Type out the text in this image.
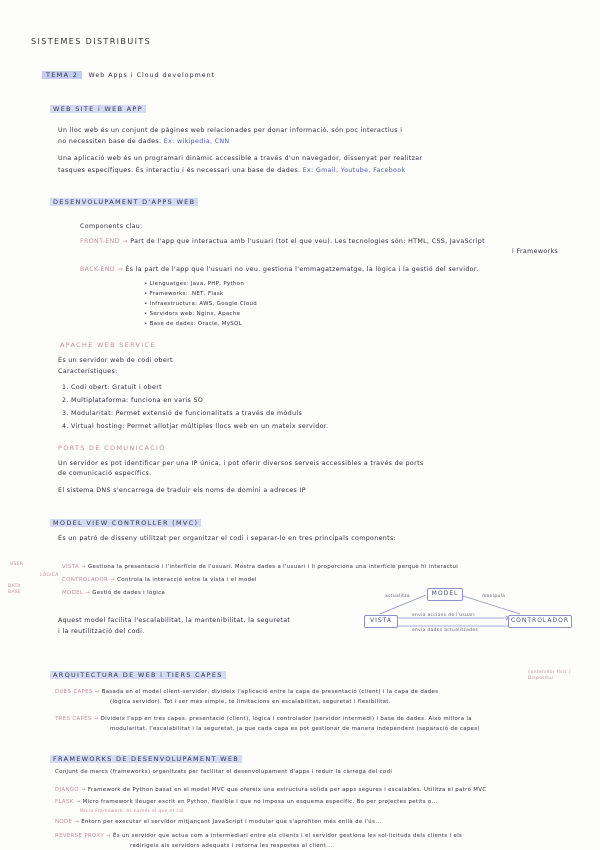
SISTEMES DISTRIBUITS
TEMA 2 Web Apps i Cloud development
WEB SITE i WEB APP
Un lloc web és un conjunt de pàgines web relacionades per donar informació. són poc interactius i
no necessiten base de dades. Ex: wikipedia, CNN
Una aplicació web és un programari dinàmic accessible a través d'un navegador, dissenyat per realitzar
tasques específiques. És interactiu i és necessari una base de dades. Ex: Gmail, Youtube, Facebook
DESENVOLUPAMENT D'APPS WEB
Components clau:
FRONT-END → Part de l'app que interactua amb l'usuari (tot el que veu). Les tecnologies són: HTML, CSS, JavaScript
i Frameworks
BACK-END → És la part de l'app que l'usuari no veu. gestiona l'emmagatzematge, la lògica i la gestió del servidor.
• Llenguatges: Java, PHP, Python
• Frameworks: .NET, Flask
• Infraestructura: AWS, Google Cloud
• Servidors web: Nginx, Apache
• Base de dades: Oracle, MySQL
APACHE WEB SERVICE
És un servidor web de codi obert
Característiques:
1. Codi obert: Gratuït i obert
2. Multiplataforma: funciona en varis SO
3. Modularitat: Permet extensió de funcionalitats a través de mòduls
4. Virtual hosting: Permet allotjar múltiples llocs web en un mateix servidor.
PORTS DE COMUNICACIÓ
Un servidor es pot identificar per una IP única, i pot oferir diversos serveis accessibles a través de ports
de comunicació específics.
El sistema DNS s'encarrega de traduir els noms de domini a adreces IP
MODEL VIEW CONTROLLER (MVC)
És un patró de disseny utilitzat per organitzar el codi i separar-lo en tres principals components:
USER
LÒGICA
DATA BASE
VISTA → Gestiona la presentació i l'interfície de l'usuari. Mostra dades a l'usuari i li proporciona una interfície perquè hi interactui
CONTROLADOR → Controla la interacció entre la vista i el model
MODEL → Gestió de dades i lògica
Aquest model facilita l'escalabilitat, la mantenibilitat, la seguretat
i la reutilització del codi.
MODEL
VISTA	CONTROLADOR
actualitza	manipula
envia accions de l'usuari
envia dades actualitzades
ARQUITECTURA DE WEB i TIERS CAPES	contenidor físic / Dispositiu
DUES CAPES → Basada en el model client-servidor, divideix l'aplicació entre la capa de presentació (client) i la capa de dades
(lògica servidor). Tot i ser més simple, té limitacions en escalabilitat, seguretat i flexibilitat.
TRES CAPES → Divideix l'app en tres capes: presentació (client), lògica i controlador (servidor intermedi) i base de dades. Això millora la
modularitat, l'escalabilitat i la seguretat, ja que cada capa es pot gestionar de manera independent (separació de capes)
FRAMEWORKS DE DESENVOLUPAMENT WEB
Conjunt de marcs (frameworks) organitzats per facilitar el desenvolupament d'apps i reduir la càrrega del codi
DJANGO → Framework de Python basat en el model MVC que ofereix una estructura sòlida per apps segures i escalables. Utilitza el patró MVC
FLASK → Micro framework lleuger escrit en Python, flexible i que no imposa un esquema específic. Bo per projectes petits o...
Micro Framework: es només el que et cal
NODE → Entorn per executar el servidor mitjançant JavaScript i modular que s'aprofiten més enllà de l'ús...
REVERSE PROXY → És un servidor que actua com a intermediari entre els clients i el servidor gestiona les sol·licituds dels clients i els
redirigeix als servidors adequats i retorna les respostes al client...
